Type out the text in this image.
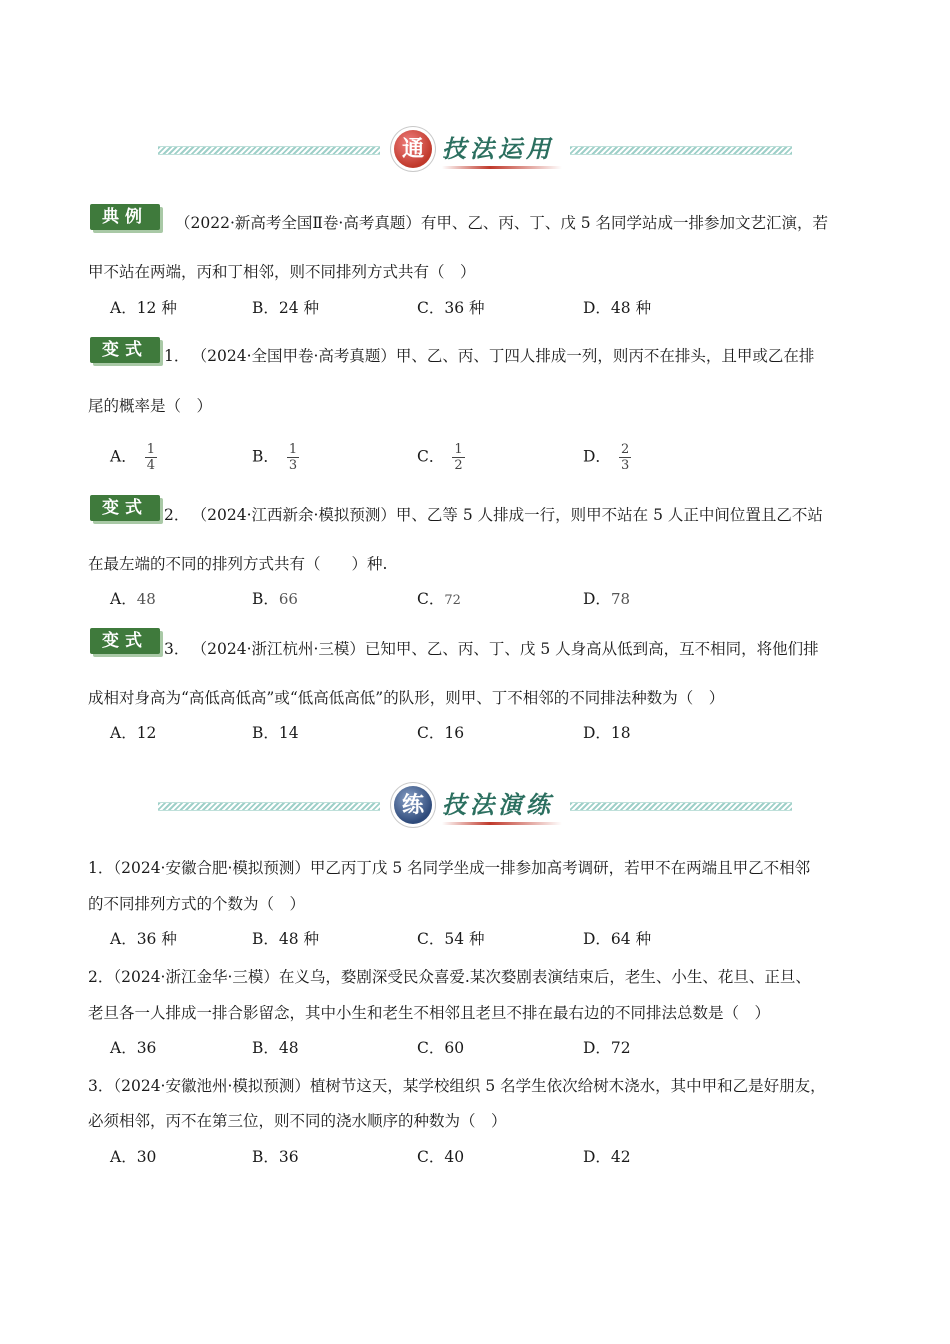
通 技法运用
典例	（2022·新高考全国Ⅱ卷·高考真题）有甲、乙、丙、丁、戊 5 名同学站成一排参加文艺汇演，若
甲不站在两端，丙和丁相邻，则不同排列方式共有（　）
A．12 种	B．24 种	C．36 种	D．48 种
变式	1． （2024·全国甲卷·高考真题）甲、乙、丙、丁四人排成一列，则丙不在排头，且甲或乙在排
尾的概率是（　）
A． $\frac{1}{4}$	B． $\frac{1}{3}$	C． $\frac{1}{2}$	D． $\frac{2}{3}$
变式	2． （2024·江西新余·模拟预测）甲、乙等 5 人排成一行，则甲不站在 5 人正中间位置且乙不站
在最左端的不同的排列方式共有（　　）种.
A．48	B．66	C．72	D．78
变式	3． （2024·浙江杭州·三模）已知甲、乙、丙、丁、戊 5 人身高从低到高，互不相同，将他们排
成相对身高为“高低高低高”或“低高低高低”的队形，则甲、丁不相邻的不同排法种数为（　）
A．12	B．14	C．16	D．18
练 技法演练
1．（2024·安徽合肥·模拟预测）甲乙丙丁戊 5 名同学坐成一排参加高考调研，若甲不在两端且甲乙不相邻
的不同排列方式的个数为（　）
A．36 种	B．48 种	C．54 种	D．64 种
2．（2024·浙江金华·三模）在义乌，婺剧深受民众喜爱.某次婺剧表演结束后，老生、小生、花旦、正旦、
老旦各一人排成一排合影留念，其中小生和老生不相邻且老旦不排在最右边的不同排法总数是（　）
A．36	B．48	C．60	D．72
3．（2024·安徽池州·模拟预测）植树节这天，某学校组织 5 名学生依次给树木浇水，其中甲和乙是好朋友，
必须相邻，丙不在第三位，则不同的浇水顺序的种数为（　）
A．30	B．36	C．40	D．42
